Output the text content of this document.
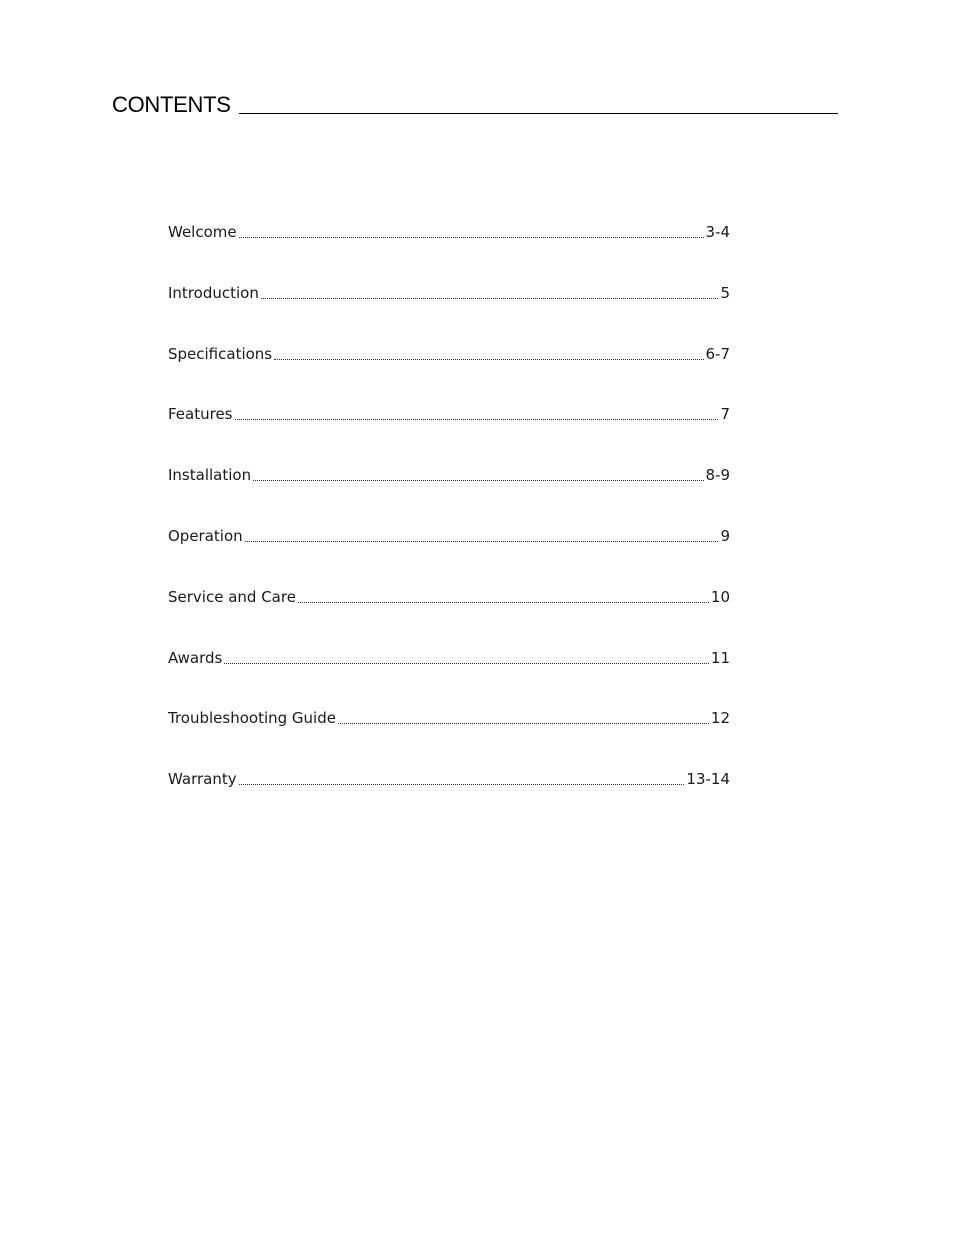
CONTENTS
Welcome	3-4
Introduction	5
Specifications	6-7
Features	7
Installation	8-9
Operation	9
Service and Care	10
Awards	11
Troubleshooting Guide	12
Warranty	13-14
